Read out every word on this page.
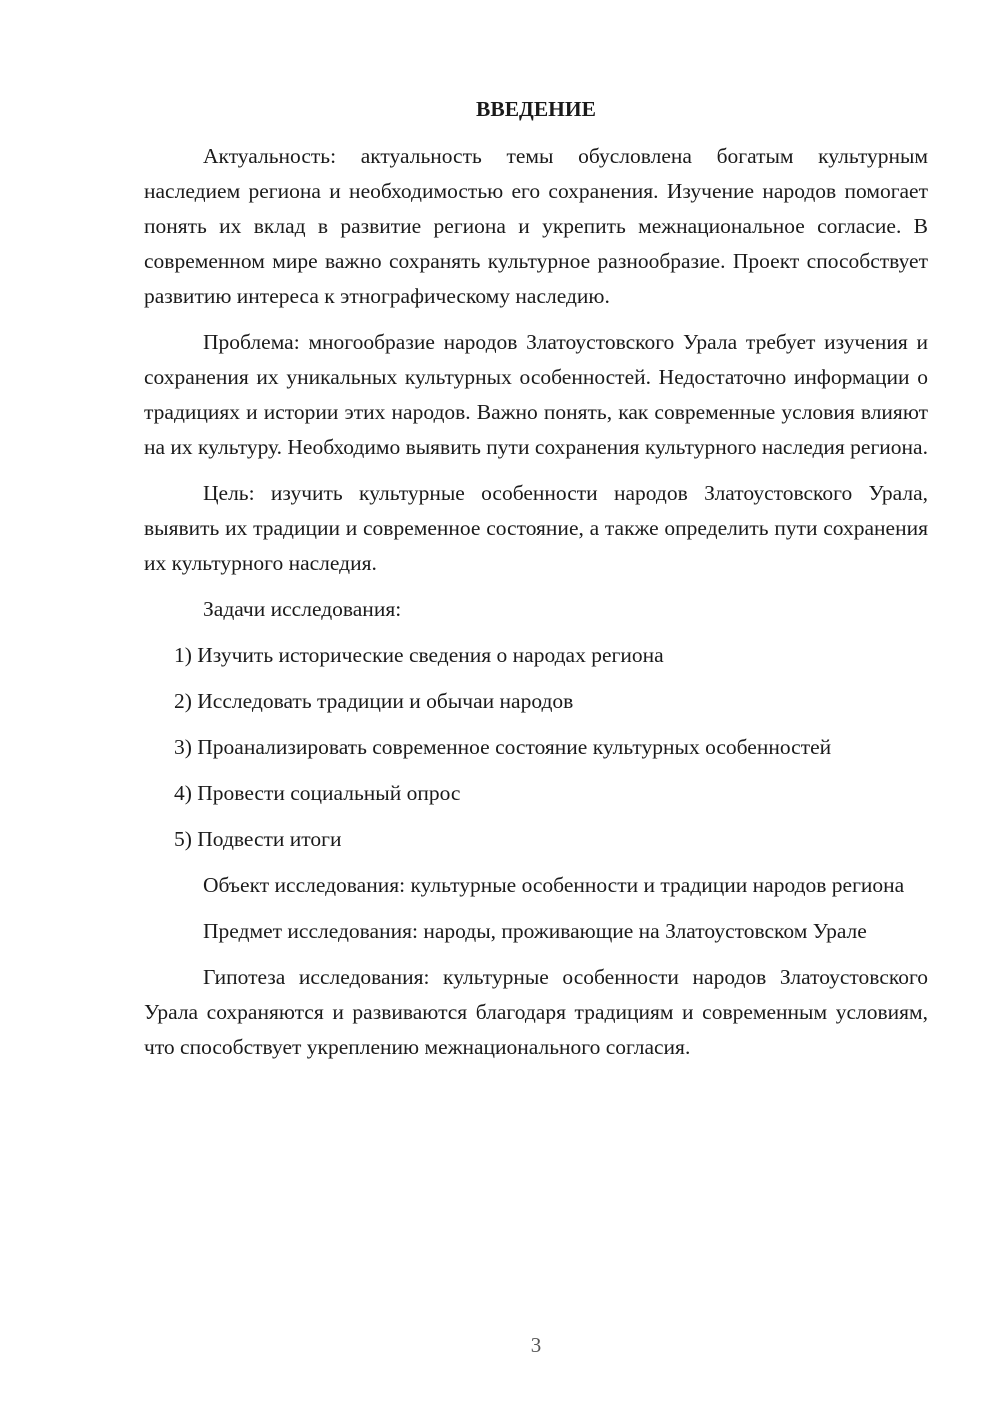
ВВЕДЕНИЕ

Актуальность: актуальность темы обусловлена богатым культурным наследием региона и необходимостью его сохранения. Изучение народов помогает понять их вклад в развитие региона и укрепить межнациональное согласие. В современном мире важно сохранять культурное разнообразие. Проект способствует развитию интереса к этнографическому наследию.

Проблема: многообразие народов Златоустовского Урала требует изучения и сохранения их уникальных культурных особенностей. Недостаточно информации о традициях и истории этих народов. Важно понять, как современные условия влияют на их культуру. Необходимо выявить пути сохранения культурного наследия региона.

Цель: изучить культурные особенности народов Златоустовского Урала, выявить их традиции и современное состояние, а также определить пути сохранения их культурного наследия.

Задачи исследования:

1) Изучить исторические сведения о народах региона

2) Исследовать традиции и обычаи народов

3) Проанализировать современное состояние культурных особенностей

4) Провести социальный опрос

5) Подвести итоги

Объект исследования: культурные особенности и традиции народов региона

Предмет исследования: народы, проживающие на Златоустовском Урале

Гипотеза исследования: культурные особенности народов Златоустовского Урала сохраняются и развиваются благодаря традициям и современным условиям, что способствует укреплению межнационального согласия.

3
